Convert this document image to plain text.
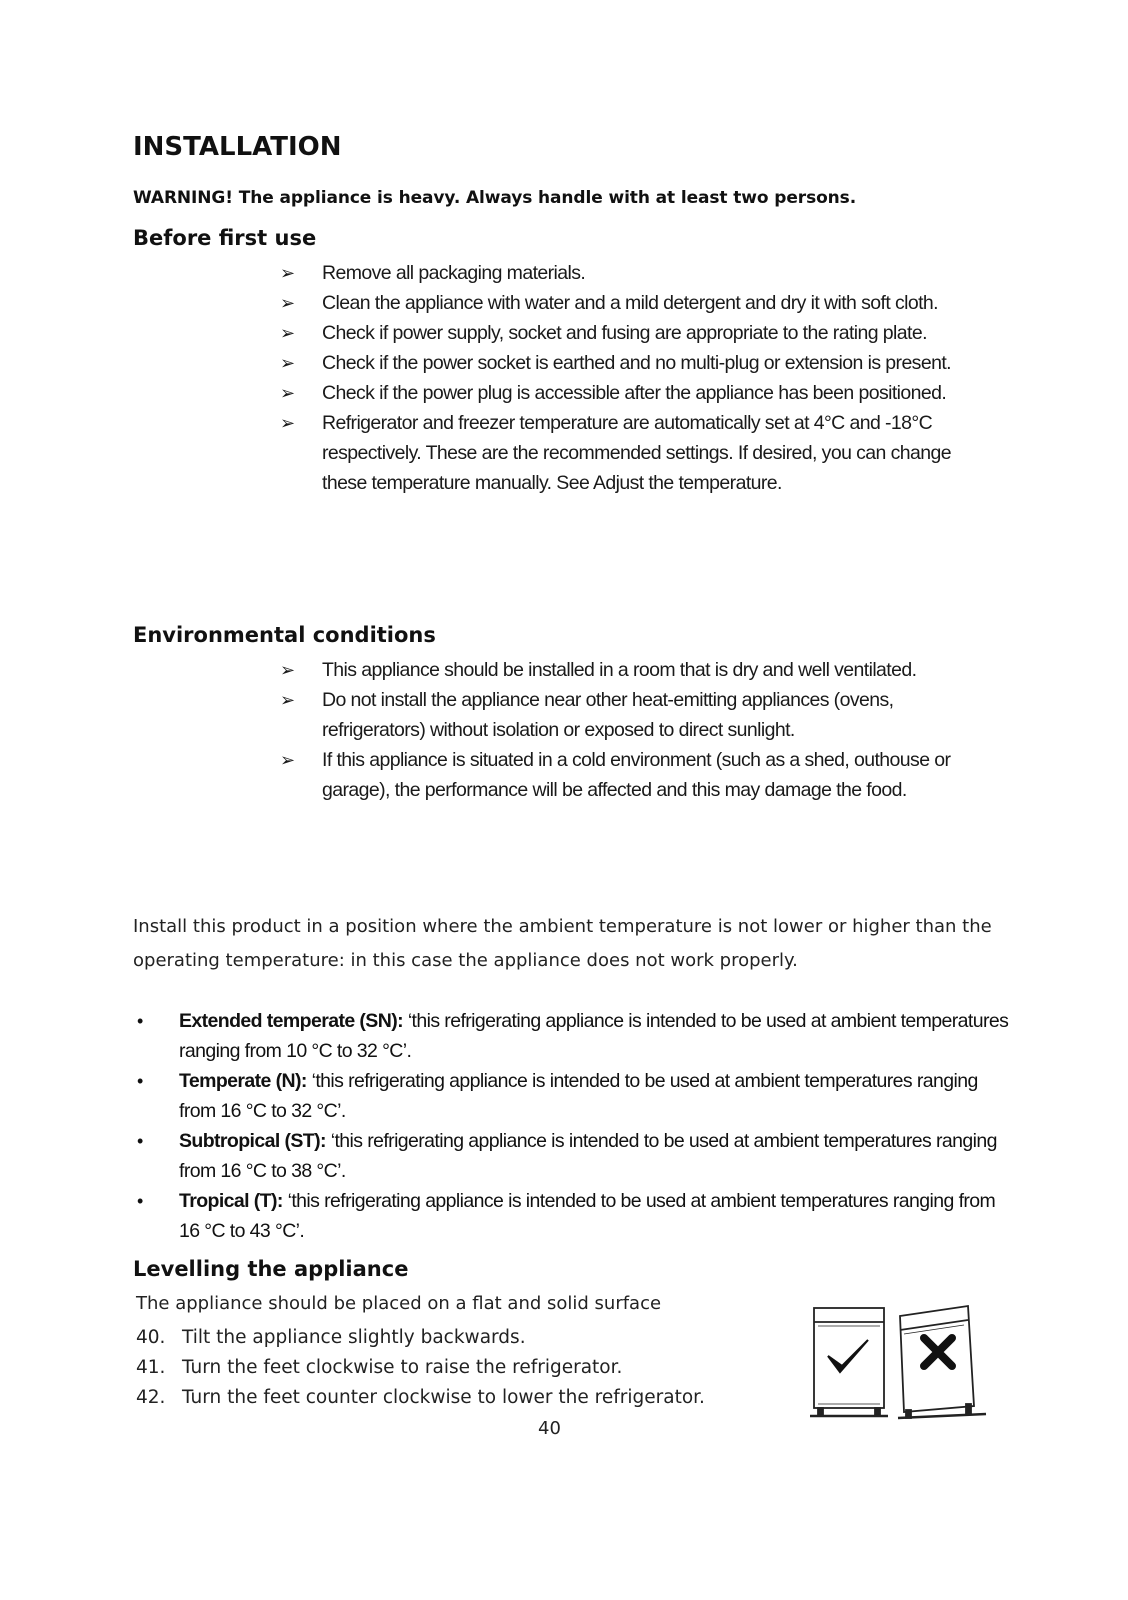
INSTALLATION

WARNING! The appliance is heavy. Always handle with at least two persons.

Before first use
➢ Remove all packaging materials.
➢ Clean the appliance with water and a mild detergent and dry it with soft cloth.
➢ Check if power supply, socket and fusing are appropriate to the rating plate.
➢ Check if the power socket is earthed and no multi-plug or extension is present.
➢ Check if the power plug is accessible after the appliance has been positioned.
➢ Refrigerator and freezer temperature are automatically set at 4°C and -18°C respectively. These are the recommended settings. If desired, you can change these temperature manually. See Adjust the temperature.
Environmental conditions
➢ This appliance should be installed in a room that is dry and well ventilated.
➢ Do not install the appliance near other heat-emitting appliances (ovens, refrigerators) without isolation or exposed to direct sunlight.
➢ If this appliance is situated in a cold environment (such as a shed, outhouse or garage), the performance will be affected and this may damage the food.

Install this product in a position where the ambient temperature is not lower or higher than the operating temperature: in this case the appliance does not work properly.

• Extended temperate (SN): ‘this refrigerating appliance is intended to be used at ambient temperatures ranging from 10 °C to 32 °C’.
• Temperate (N): ‘this refrigerating appliance is intended to be used at ambient temperatures ranging from 16 °C to 32 °C’.
• Subtropical (ST): ‘this refrigerating appliance is intended to be used at ambient temperatures ranging from 16 °C to 38 °C’.
• Tropical (T): ‘this refrigerating appliance is intended to be used at ambient temperatures ranging from 16 °C to 43 °C’.
Levelling the appliance

The appliance should be placed on a flat and solid surface

40. Tilt the appliance slightly backwards.
41. Turn the feet clockwise to raise the refrigerator.
42. Turn the feet counter clockwise to lower the refrigerator.

40
